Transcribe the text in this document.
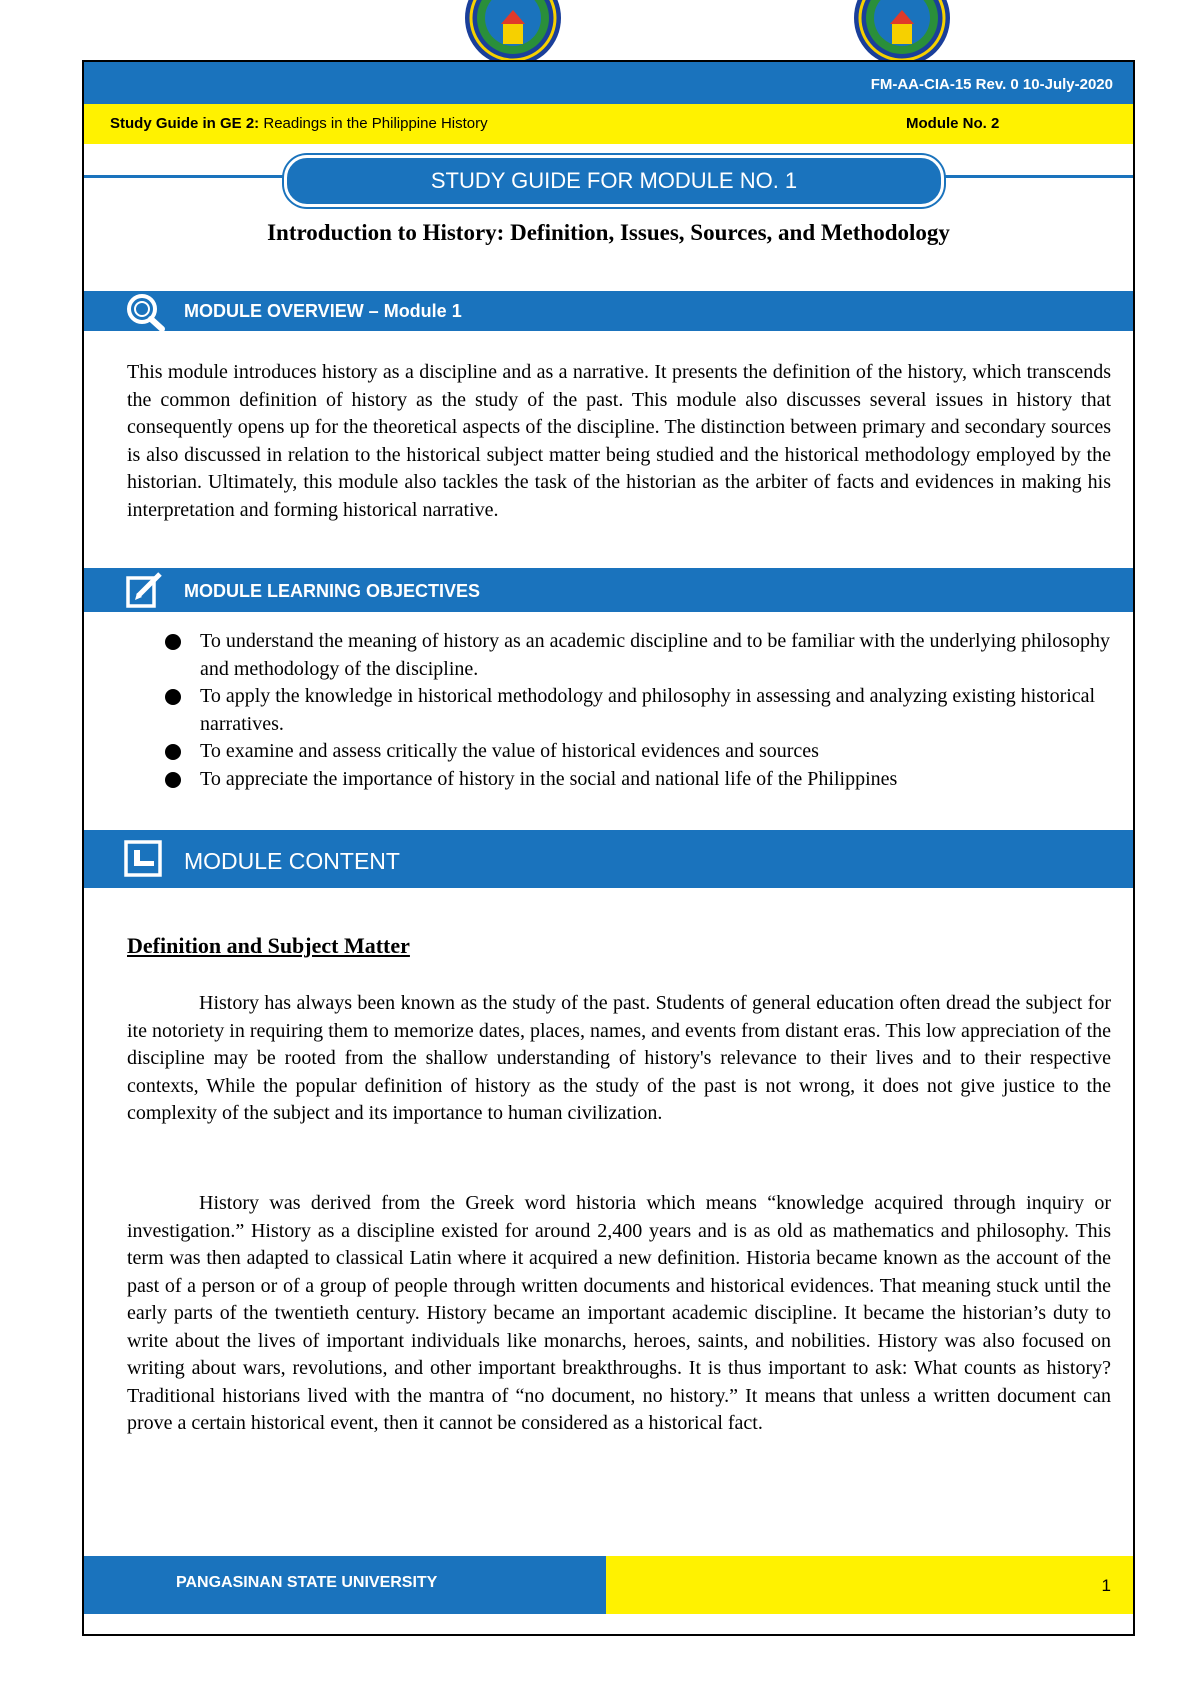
FM-AA-CIA-15 Rev. 0 10-July-2020
Study Guide in GE 2: Readings in the Philippine History	Module No. 2
STUDY GUIDE FOR MODULE NO. 1
Introduction to History: Definition, Issues, Sources, and Methodology
MODULE OVERVIEW – Module 1
This module introduces history as a discipline and as a narrative. It presents the definition of the history, which transcends the common definition of history as the study of the past. This module also discusses several issues in history that consequently opens up for the theoretical aspects of the discipline. The distinction between primary and secondary sources is also discussed in relation to the historical subject matter being studied and the historical methodology employed by the historian. Ultimately, this module also tackles the task of the historian as the arbiter of facts and evidences in making his interpretation and forming historical narrative.
MODULE LEARNING OBJECTIVES
To understand the meaning of history as an academic discipline and to be familiar with the underlying philosophy and methodology of the discipline.
To apply the knowledge in historical methodology and philosophy in assessing and analyzing existing historical narratives.
To examine and assess critically the value of historical evidences and sources
To appreciate the importance of history in the social and national life of the Philippines
MODULE CONTENT
Definition and Subject Matter
History has always been known as the study of the past. Students of general education often dread the subject for ite notoriety in requiring them to memorize dates, places, names, and events from distant eras. This low appreciation of the discipline may be rooted from the shallow understanding of history's relevance to their lives and to their respective contexts, While the popular definition of history as the study of the past is not wrong, it does not give justice to the complexity of the subject and its importance to human civilization.
History was derived from the Greek word historia which means “knowledge acquired through inquiry or investigation.” History as a discipline existed for around 2,400 years and is as old as mathematics and philosophy. This term was then adapted to classical Latin where it acquired a new definition. Historia became known as the account of the past of a person or of a group of people through written documents and historical evidences. That meaning stuck until the early parts of the twentieth century. History became an important academic discipline. It became the historian’s duty to write about the lives of important individuals like monarchs, heroes, saints, and nobilities. History was also focused on writing about wars, revolutions, and other important breakthroughs. It is thus important to ask: What counts as history? Traditional historians lived with the mantra of “no document, no history.” It means that unless a written document can prove a certain historical event, then it cannot be considered as a historical fact.
PANGASINAN STATE UNIVERSITY	1
